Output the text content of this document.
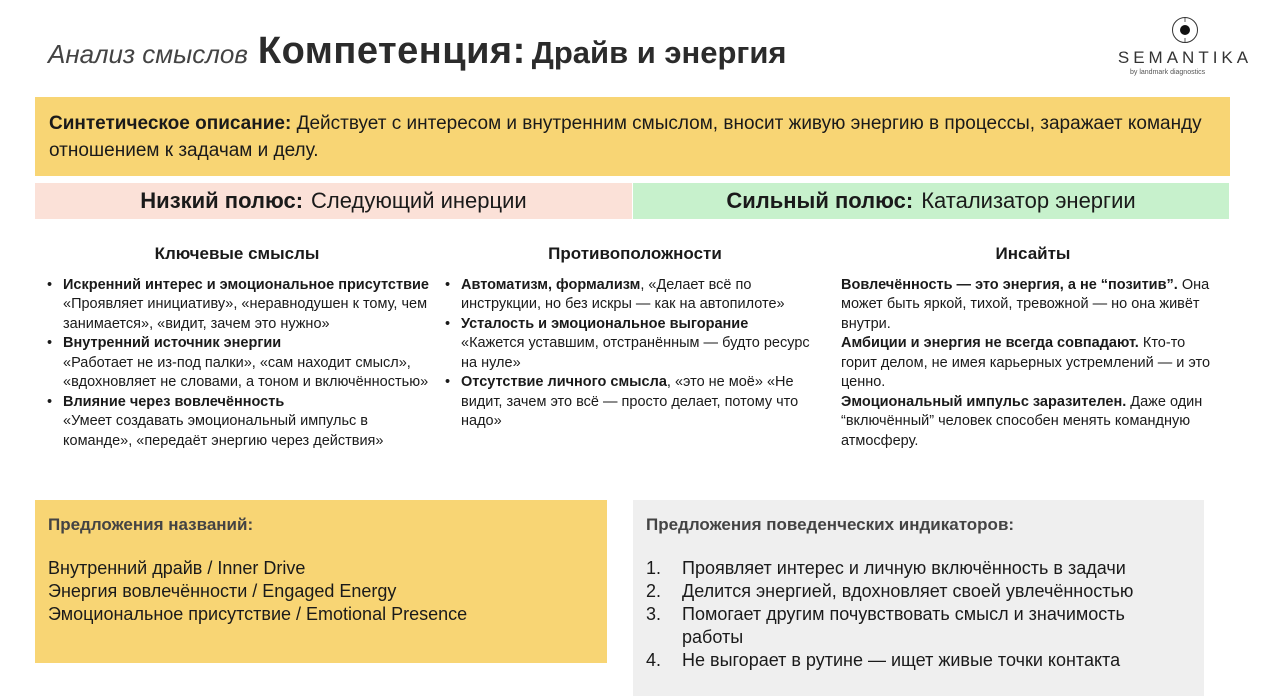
Анализ смыслов Компетенция: Драйв и энергия	SEMANTIKA
by landmark diagnostics
Синтетическое описание: Действует с интересом и внутренним смыслом, вносит живую энергию в процессы, заражает командy отношением к задачам и делу.
Низкий полюс: Следующий инерции	Сильный полюс: Катализатор энергии
Ключевые смыслы
• Искренний интерес и эмоциональное присутствие
«Проявляет инициативу», «неравнодушен к тому, чем занимается», «видит, зачем это нужно»
• Внутренний источник энергии
«Работает не из-под палки», «сам находит смысл», «вдохновляет не словами, а тоном и включённостью»
• Влияние через вовлечённость
«Умеет создавать эмоциональный импульс в команде», «передаёт энергию через действия»
Противоположности
• Автоматизм, формализм, «Делает всё по инструкции, но без искры — как на автопилоте»
• Усталость и эмоциональное выгорание
«Кажется уставшим, отстранённым — будто ресурс на нуле»
• Отсутствие личного смысла, «это не моё» «Не видит, зачем это всё — просто делает, потому что надо»
Инсайты

Вовлечённость — это энергия, а не “позитив”. Она может быть яркой, тихой, тревожной — но она живёт внутри.

Амбиции и энергия не всегда совпадают. Кто-то горит делом, не имея карьерных устремлений — и это ценно.

Эмоциональный импульс заразителен. Даже один “включённый” человек способен менять командную атмосферу.

Предложения названий:
Внутренний драйв / Inner Drive
Энергия вовлечённости / Engaged Energy
Эмоциональное присутствие / Emotional Presence
Предложения поведенческих индикаторов:
1.	Проявляет интерес и личную включённость в задачи
2.	Делится энергией, вдохновляет своей увлечённостью
3.	Помогает другим почувствовать смысл и значимость работы
4.	Не выгорает в рутине — ищет живые точки контакта
